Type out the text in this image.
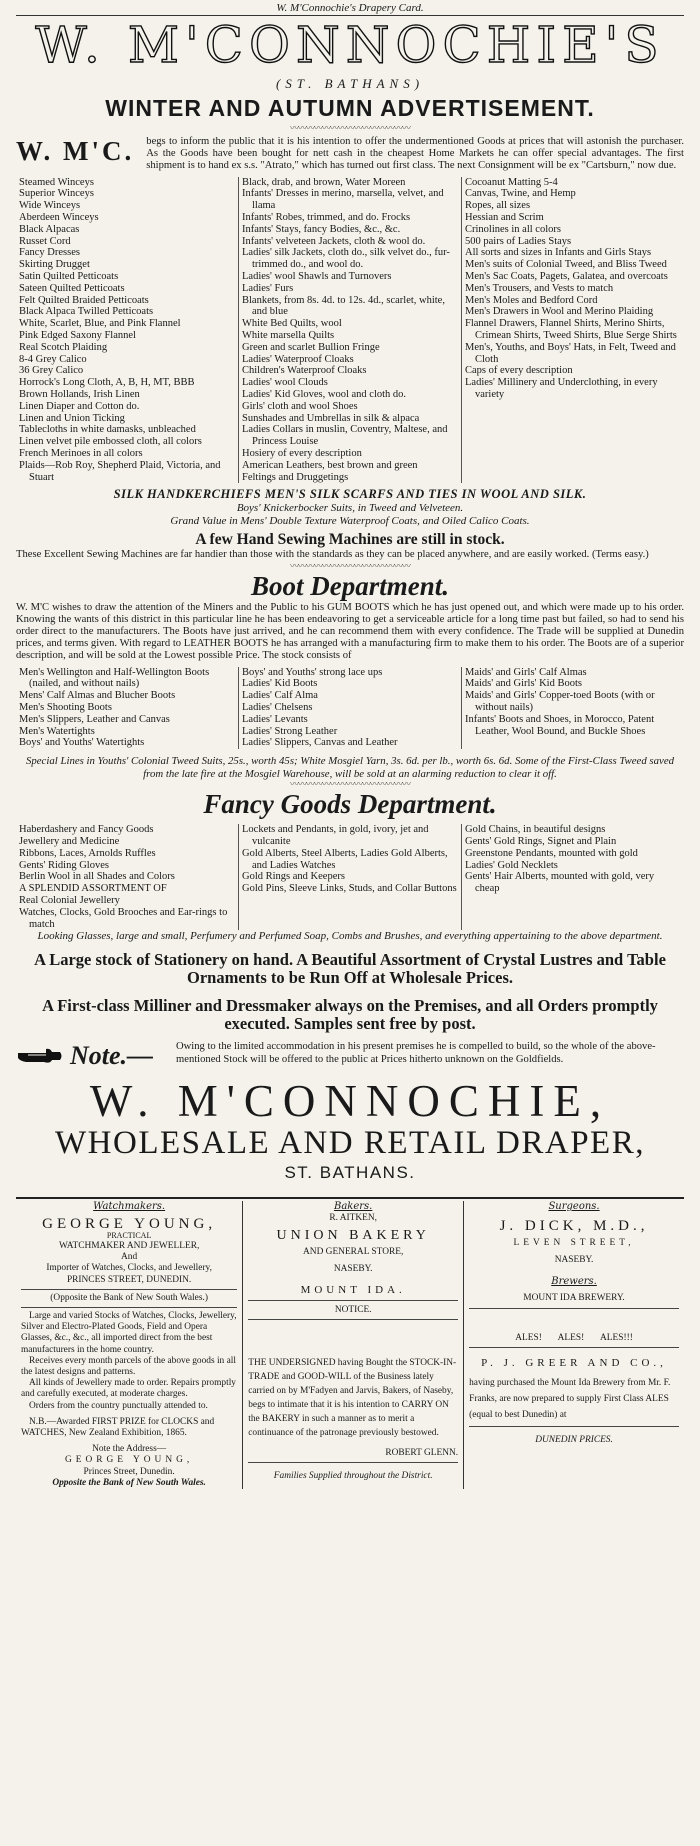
W. M'Connochie's Drapery Card.
W. M'CONNOCHIE'S
(ST. BATHANS)
WINTER AND AUTUMN ADVERTISEMENT.
〰〰〰〰〰〰〰〰〰〰〰〰〰〰〰
W. M'C. begs to inform the public that it is his intention to offer the undermentioned Goods at prices that will astonish the purchaser. As the Goods have been bought for nett cash in the cheapest Home Markets he can offer special advantages. The first shipment is to hand ex s.s. "Atrato," which has turned out first class. The next Consignment will be ex "Cartsburn," now due.
Steamed Winceys
Superior Winceys
Wide Winceys
Aberdeen Winceys
Black Alpacas
Russet Cord
Fancy Dresses
Skirting Drugget
Satin Quilted Petticoats
Sateen Quilted Petticoats
Felt Quilted Braided Petticoats
Black Alpaca Twilled Petticoats
White, Scarlet, Blue, and Pink Flannel
Pink Edged Saxony Flannel
Real Scotch Plaiding
8-4 Grey Calico
36 Grey Calico
Horrock's Long Cloth, A, B, H, MT, BBB
Brown Hollands, Irish Linen
Linen Diaper and Cotton do.
Linen and Union Ticking
Tablecloths in white damasks, unbleached
Linen velvet pile embossed cloth, all colors
French Merinoes in all colors
Plaids—Rob Roy, Shepherd Plaid, Victoria, and Stuart
Black, drab, and brown, Water Moreen
Infants' Dresses in merino, marsella, velvet, and llama
Infants' Robes, trimmed, and do. Frocks
Infants' Stays, fancy Bodies, &c., &c.
Infants' velveteen Jackets, cloth & wool do.
Ladies' silk Jackets, cloth do., silk velvet do., fur-trimmed do., and wool do.
Ladies' wool Shawls and Turnovers
Ladies' Furs
Blankets, from 8s. 4d. to 12s. 4d., scarlet, white, and blue
White Bed Quilts, wool
White marsella Quilts
Green and scarlet Bullion Fringe
Ladies' Waterproof Cloaks
Children's Waterproof Cloaks
Ladies' wool Clouds
Ladies' Kid Gloves, wool and cloth do.
Girls' cloth and wool Shoes
Sunshades and Umbrellas in silk & alpaca
Ladies Collars in muslin, Coventry, Maltese, and Princess Louise
Hosiery of every description
American Leathers, best brown and green
Feltings and Druggetings
Cocoanut Matting 5-4
Canvas, Twine, and Hemp
Ropes, all sizes
Hessian and Scrim
Crinolines in all colors
500 pairs of Ladies Stays
All sorts and sizes in Infants and Girls Stays
Men's suits of Colonial Tweed, and Bliss Tweed
Men's Sac Coats, Pagets, Galatea, and overcoats
Men's Trousers, and Vests to match
Men's Moles and Bedford Cord
Men's Drawers in Wool and Merino Plaiding
Flannel Drawers, Flannel Shirts, Merino Shirts, Crimean Shirts, Tweed Shirts, Blue Serge Shirts
Men's, Youths, and Boys' Hats, in Felt, Tweed and Cloth
Caps of every description
Ladies' Millinery and Underclothing, in every variety
SILK HANDKERCHIEFS MEN'S SILK SCARFS AND TIES IN WOOL AND SILK.
Boys' Knickerbocker Suits, in Tweed and Velveteen.
Grand Value in Mens' Double Texture Waterproof Coats, and Oiled Calico Coats.
A few Hand Sewing Machines are still in stock.
These Excellent Sewing Machines are far handier than those with the standards as they can be placed anywhere, and are easily worked. (Terms easy.)
〰〰〰〰〰〰〰〰〰〰〰〰〰〰〰
Boot Department.
W. M'C wishes to draw the attention of the Miners and the Public to his GUM BOOTS which he has just opened out, and which were made up to his order. Knowing the wants of this district in this particular line he has been endeavoring to get a serviceable article for a long time past but failed, so had to send his order direct to the manufacturers. The Boots have just arrived, and he can recommend them with every confidence. The Trade will be supplied at Dunedin prices, and terms given. With regard to LEATHER BOOTS he has arranged with a manufacturing firm to make them to his order. The Boots are of a superior description, and will be sold at the Lowest possible Price. The stock consists of
Men's Wellington and Half-Wellington Boots (nailed, and without nails)
Mens' Calf Almas and Blucher Boots
Men's Shooting Boots
Men's Slippers, Leather and Canvas
Men's Watertights
Boys' and Youths' Watertights
Boys' and Youths' strong lace ups
Ladies' Kid Boots
Ladies' Calf Alma
Ladies' Chelsens
Ladies' Levants
Ladies' Strong Leather
Ladies' Slippers, Canvas and Leather
Maids' and Girls' Calf Almas
Maids' and Girls' Kid Boots
Maids' and Girls' Copper-toed Boots (with or without nails)
Infants' Boots and Shoes, in Morocco, Patent Leather, Wool Bound, and Buckle Shoes
Special Lines in Youths' Colonial Tweed Suits, 25s., worth 45s; White Mosgiel Yarn, 3s. 6d. per lb., worth 6s. 6d. Some of the First-Class Tweed saved from the late fire at the Mosgiel Warehouse, will be sold at an alarming reduction to clear it off.
〰〰〰〰〰〰〰〰〰〰〰〰〰〰〰
Fancy Goods Department.
Haberdashery and Fancy Goods
Jewellery and Medicine
Ribbons, Laces, Arnolds Ruffles
Gents' Riding Gloves
Berlin Wool in all Shades and Colors
A SPLENDID ASSORTMENT OF
Real Colonial Jewellery
Watches, Clocks, Gold Brooches and Ear-rings to match
Lockets and Pendants, in gold, ivory, jet and vulcanite
Gold Alberts, Steel Alberts, Ladies Gold Alberts, and Ladies Watches
Gold Rings and Keepers
Gold Pins, Sleeve Links, Studs, and Collar Buttons
Gold Chains, in beautiful designs
Gents' Gold Rings, Signet and Plain
Greenstone Pendants, mounted with gold
Ladies' Gold Necklets
Gents' Hair Alberts, mounted with gold, very cheap
Looking Glasses, large and small, Perfumery and Perfumed Soap, Combs and Brushes, and everything appertaining to the above department.
A Large stock of Stationery on hand. A Beautiful Assortment of Crystal Lustres and Table Ornaments to be Run Off at Wholesale Prices.
A First-class Milliner and Dressmaker always on the Premises, and all Orders promptly executed. Samples sent free by post.
Note.— Owing to the limited accommodation in his present premises he is compelled to build, so the whole of the above-mentioned Stock will be offered to the public at Prices hitherto unknown on the Goldfields.
W. M'CONNOCHIE,
WHOLESALE AND RETAIL DRAPER,
ST. BATHANS.
Watchmakers.
GEORGE YOUNG,
PRACTICAL
WATCHMAKER AND JEWELLER,
And
Importer of Watches, Clocks, and Jewellery,
PRINCES STREET, DUNEDIN.
(Opposite the Bank of New South Wales.)
Large and varied Stocks of Watches, Clocks, Jewellery, Silver and Electro-Plated Goods, Field and Opera Glasses, &c., &c., all imported direct from the best manufacturers in the home country.
Receives every month parcels of the above goods in all the latest designs and patterns.
All kinds of Jewellery made to order. Repairs promptly and carefully executed, at moderate charges.
Orders from the country punctually attended to.
N.B.—Awarded FIRST PRIZE for CLOCKS and WATCHES, New Zealand Exhibition, 1865.
Note the Address—
GEORGE YOUNG,
Princes Street, Dunedin.
Opposite the Bank of New South Wales.
Bakers.
R. AITKEN,
UNION BAKERY
AND GENERAL STORE,
NASEBY.
MOUNT IDA.
NOTICE.
THE UNDERSIGNED having Bought the STOCK-IN-TRADE and GOOD-WILL of the Business lately carried on by M'Fadyen and Jarvis, Bakers, of Naseby, begs to intimate that it is his intention to CARRY ON the BAKERY in such a manner as to merit a continuance of the patronage previously bestowed.
ROBERT GLENN.
Families Supplied throughout the District.
Surgeons.
J. DICK, M.D.,
LEVEN STREET,
NASEBY.
Brewers.
MOUNT IDA BREWERY.
ALES! ALES! ALES!!!
P. J. GREER AND CO.,
having purchased the Mount Ida Brewery from Mr. F. Franks, are now prepared to supply First Class ALES (equal to best Dunedin) at
DUNEDIN PRICES.
